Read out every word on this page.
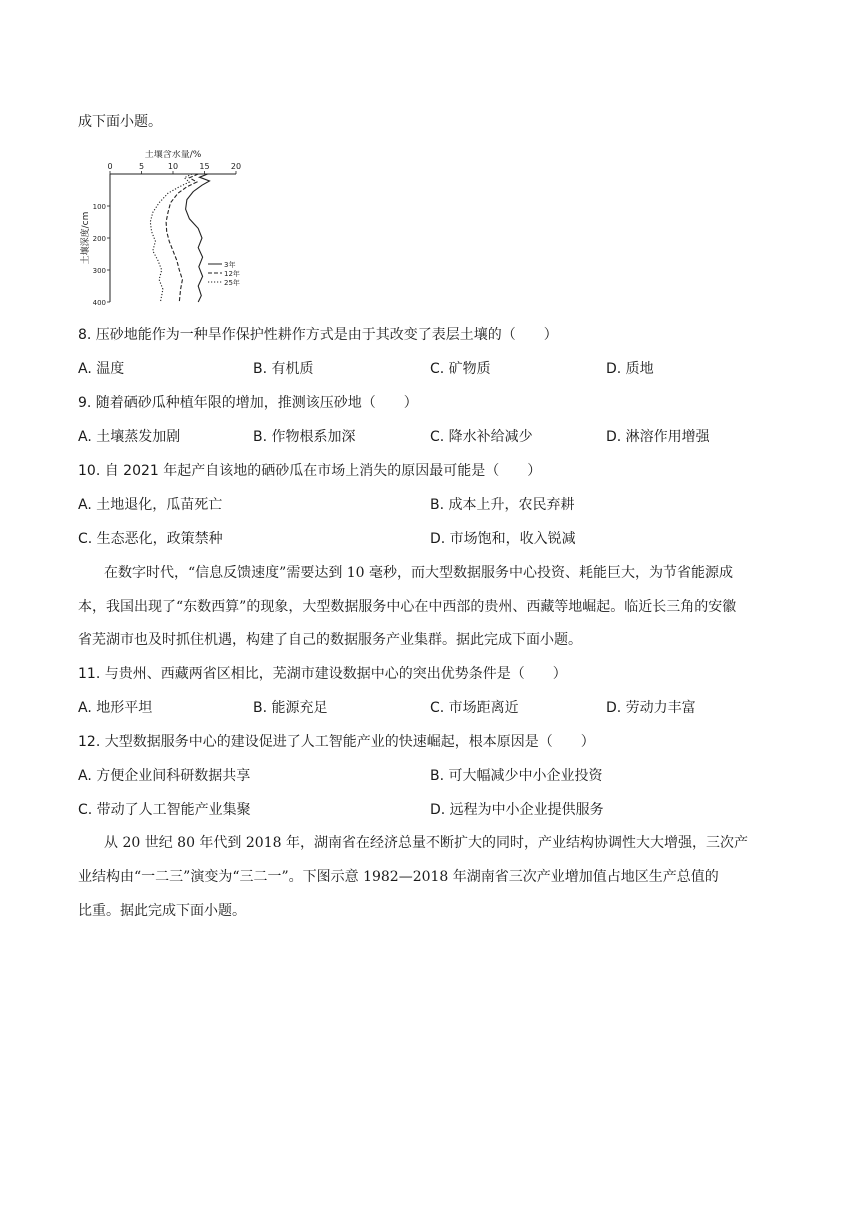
成下面小题。
土壤含水量/%
0	5	10	15	20
100
200
300
400
土壤深度/cm
3年
12年
25年
8. 压砂地能作为一种旱作保护性耕作方式是由于其改变了表层土壤的（　　）
A. 温度	B. 有机质	C. 矿物质	D. 质地
9. 随着硒砂瓜种植年限的增加，推测该压砂地（　　）
A. 土壤蒸发加剧	B. 作物根系加深	C. 降水补给减少	D. 淋溶作用增强
10. 自 2021 年起产自该地的硒砂瓜在市场上消失的原因最可能是（　　）
A. 土地退化，瓜苗死亡	B. 成本上升，农民弃耕
C. 生态恶化，政策禁种	D. 市场饱和，收入锐减
在数字时代，“信息反馈速度”需要达到 10 毫秒，而大型数据服务中心投资、耗能巨大，为节省能源成
本，我国出现了“东数西算”的现象，大型数据服务中心在中西部的贵州、西藏等地崛起。临近长三角的安徽
省芜湖市也及时抓住机遇，构建了自己的数据服务产业集群。据此完成下面小题。
11. 与贵州、西藏两省区相比，芜湖市建设数据中心的突出优势条件是（　　）
A. 地形平坦	B. 能源充足	C. 市场距离近	D. 劳动力丰富
12. 大型数据服务中心的建设促进了人工智能产业的快速崛起，根本原因是（　　）
A. 方便企业间科研数据共享	B. 可大幅减少中小企业投资
C. 带动了人工智能产业集聚	D. 远程为中小企业提供服务
从 20 世纪 80 年代到 2018 年，湖南省在经济总量不断扩大的同时，产业结构协调性大大增强，三次产
业结构由“一二三”演变为“三二一”。下图示意 1982—2018 年湖南省三次产业增加值占地区生产总值的
比重。据此完成下面小题。
